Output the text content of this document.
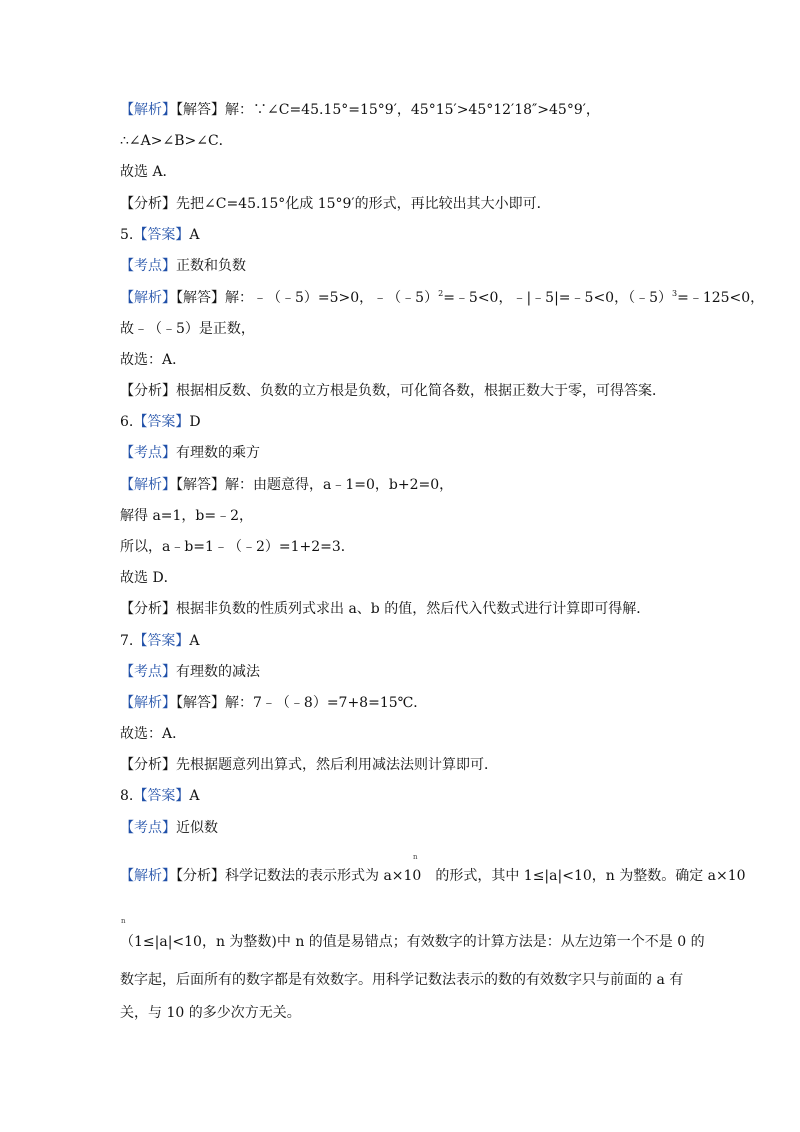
【解析】【解答】解：∵∠C=45.15°=15°9′，45°15′>45°12′18″>45°9′，
∴∠A>∠B>∠C．
故选 A．
【分析】先把∠C=45.15°化成 15°9′的形式，再比较出其大小即可．
5.【答案】A
【考点】正数和负数
【解析】【解答】解：﹣（﹣5）=5>0，﹣（﹣5）$^2$=﹣5<0，﹣|﹣5|=﹣5<0，（﹣5）$^3$=﹣125<0，
故﹣（﹣5）是正数，
故选：A．
【分析】根据相反数、负数的立方根是负数，可化简各数，根据正数大于零，可得答案．
6.【答案】D
【考点】有理数的乘方
【解析】【解答】解：由题意得，a﹣1=0，b+2=0，
解得 a=1，b=﹣2，
所以，a﹣b=1﹣（﹣2）=1+2=3．
故选 D．
【分析】根据非负数的性质列式求出 a、b 的值，然后代入代数式进行计算即可得解．
7.【答案】A
【考点】有理数的减法
【解析】【解答】解：7﹣（﹣8）=7+8=15℃．
故选：A．
【分析】先根据题意列出算式，然后利用减法法则计算即可．
8.【答案】A
【考点】近似数
【解析】【分析】科学记数法的表示形式为 a×10 的形式，其中 1≤|a|<10，n 为整数。确定 a×10
n
n
（1≤|a|<10，n 为整数)中 n 的值是易错点；有效数字的计算方法是：从左边第一个不是 0 的
数字起，后面所有的数字都是有效数字。用科学记数法表示的数的有效数字只与前面的 a 有
关，与 10 的多少次方无关。
